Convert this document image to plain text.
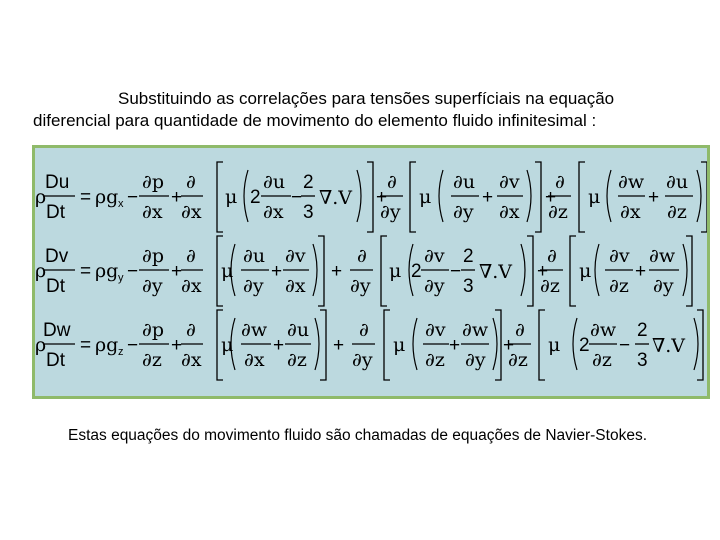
Substituindo as correlações para tensões superfíciais na equação
diferencial para quantidade de movimento do elemento fluido infinitesimal :
ρ
Du
Dt
= ρg x −
∂p
∂x
+
∂
∂x
μ 2
∂u
∂x
−
2
3
∇.V +
∂
∂y
μ
∂u
∂y
+
∂v
∂x
+
∂
∂z
μ
∂w
∂x
+
∂u
∂z
ρ
Dv
Dt
= ρg y −
∂p
∂y
+
∂
∂x
μ
∂u
∂y
+
∂v
∂x
+
∂
∂y
μ 2
∂v
∂y
−
2
3
∇.V +
∂
∂z
μ
∂v
∂z
+
∂w
∂y
ρ
Dw
Dt
= ρg z −
∂p
∂z
+
∂
∂x
μ
∂w
∂x
+
∂u
∂z
+
∂
∂y
μ
∂v
∂z
+
∂w
∂y
+
∂
∂z
μ 2
∂w
∂z
−
2
3
∇.V
Estas equações do movimento fluido são chamadas de equações de Navier-Stokes.
